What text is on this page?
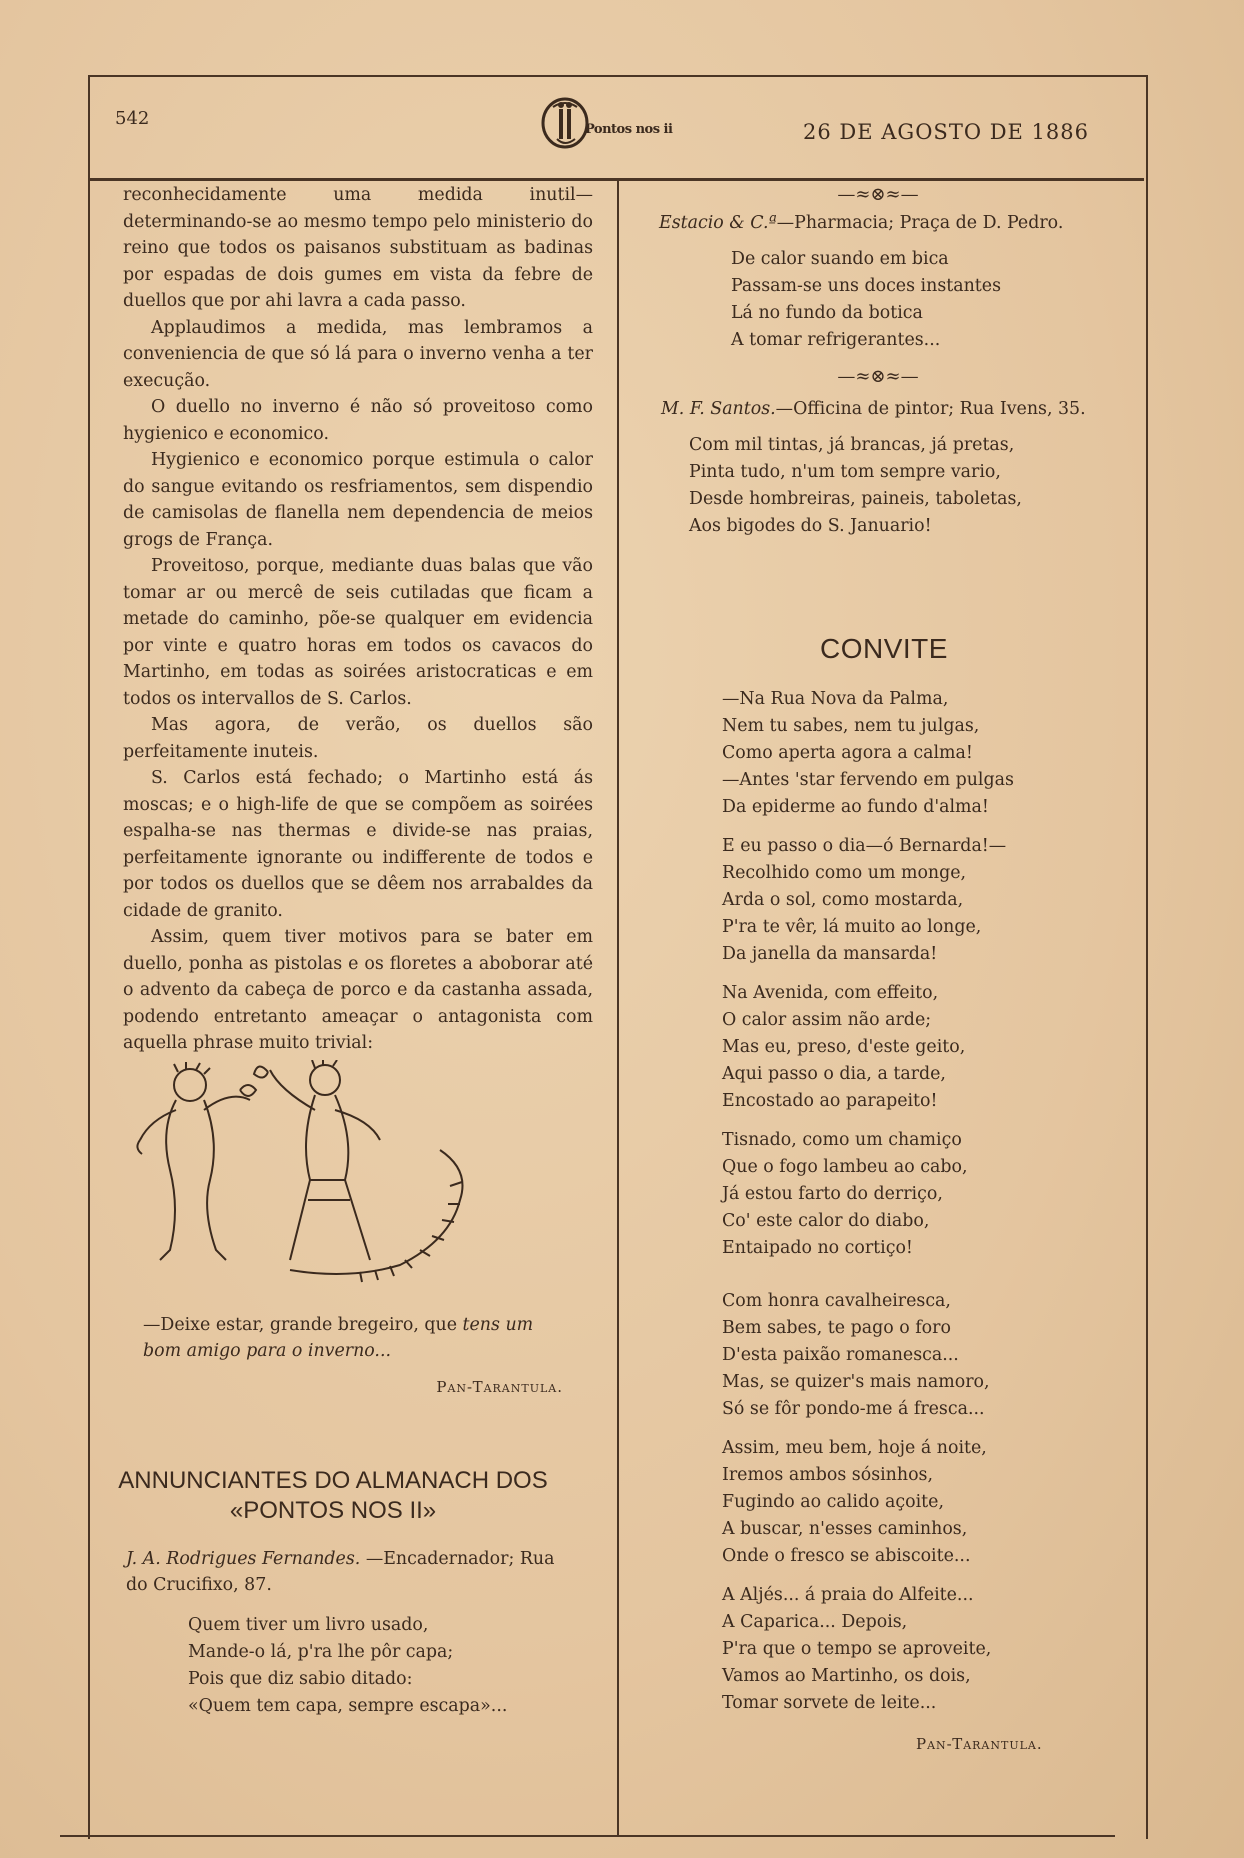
542
Pontos nos ii	26 DE AGOSTO DE 1886

reconhecidamente uma medida inutil—determinando-se ao mesmo tempo pelo ministerio do reino que todos os paisanos substituam as badinas por espadas de dois gumes em vista da febre de duellos que por ahi lavra a cada passo.

Applaudimos a medida, mas lembramos a conveniencia de que só lá para o inverno venha a ter execução.

O duello no inverno é não só proveitoso como hygienico e economico.

Hygienico e economico porque estimula o calor do sangue evitando os resfriamentos, sem dispendio de camisolas de flanella nem dependencia de meios grogs de França.

Proveitoso, porque, mediante duas balas que vão tomar ar ou mercê de seis cutiladas que ficam a metade do caminho, põe-se qualquer em evidencia por vinte e quatro horas em todos os cavacos do Martinho, em todas as soirées aristocraticas e em todos os intervallos de S. Carlos.

Mas agora, de verão, os duellos são perfeitamente inuteis.

S. Carlos está fechado; o Martinho está ás moscas; e o high-life de que se compõem as soirées espalha-se nas thermas e divide-se nas praias, perfeitamente ignorante ou indifferente de todos e por todos os duellos que se dêem nos arrabaldes da cidade de granito.

Assim, quem tiver motivos para se bater em duello, ponha as pistolas e os floretes a aboborar até o advento da cabeça de porco e da castanha assada, podendo entretanto ameaçar o antagonista com aquella phrase muito trivial:

—Deixe estar, grande bregeiro, que tens um bom amigo para o inverno...
Pan-Tarantula.
ANNUNCIANTES DO ALMANACH DOS
«PONTOS NOS II»
J. A. Rodrigues Fernandes. —Encadernador; Rua do Crucifixo, 87.
Quem tiver um livro usado,
Mande-o lá, p'ra lhe pôr capa;
Pois que diz sabio ditado:
«Quem tem capa, sempre escapa»...
—≈⊗≈—
Estacio & C.ª—Pharmacia; Praça de D. Pedro.
De calor suando em bica
Passam-se uns doces instantes
Lá no fundo da botica
A tomar refrigerantes...
—≈⊗≈—
M. F. Santos.—Officina de pintor; Rua Ivens, 35.
Com mil tintas, já brancas, já pretas,
Pinta tudo, n'um tom sempre vario,
Desde hombreiras, paineis, taboletas,
Aos bigodes do S. Januario!
CONVITE
—Na Rua Nova da Palma,
Nem tu sabes, nem tu julgas,
Como aperta agora a calma!
—Antes 'star fervendo em pulgas
Da epiderme ao fundo d'alma!
E eu passo o dia—ó Bernarda!—
Recolhido como um monge,
Arda o sol, como mostarda,
P'ra te vêr, lá muito ao longe,
Da janella da mansarda!
Na Avenida, com effeito,
O calor assim não arde;
Mas eu, preso, d'este geito,
Aqui passo o dia, a tarde,
Encostado ao parapeito!
Tisnado, como um chamiço
Que o fogo lambeu ao cabo,
Já estou farto do derriço,
Co' este calor do diabo,
Entaipado no cortiço!
Com honra cavalheiresca,
Bem sabes, te pago o foro
D'esta paixão romanesca...
Mas, se quizer's mais namoro,
Só se fôr pondo-me á fresca...
Assim, meu bem, hoje á noite,
Iremos ambos sósinhos,
Fugindo ao calido açoite,
A buscar, n'esses caminhos,
Onde o fresco se abiscoite...
A Aljés... á praia do Alfeite...
A Caparica... Depois,
P'ra que o tempo se aproveite,
Vamos ao Martinho, os dois,
Tomar sorvete de leite...
Pan-Tarantula.
